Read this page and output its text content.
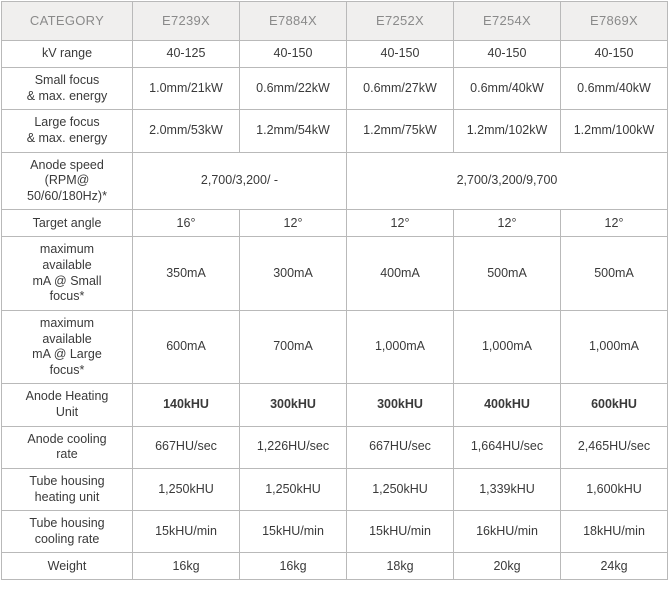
CATEGORY	E7239X	E7884X	E7252X	E7254X	E7869X
kV range	40-125	40-150	40-150	40-150	40-150

Small focus
& max. energy	1.0mm/21kW	0.6mm/22kW	0.6mm/27kW	0.6mm/40kW	0.6mm/40kW

Large focus
& max. energy	2.0mm/53kW	1.2mm/54kW	1.2mm/75kW	1.2mm/102kW	1.2mm/100kW

Anode speed
(RPM@
50/60/180Hz)*	2,700/3,200/ -		2,700/3,200/9,700		
Target angle	16°	12°	12°	12°	12°

maximum
available
mA @ Small
focus*	350mA	300mA	400mA	500mA	500mA

maximum
available
mA @ Large
focus*	600mA	700mA	1,000mA	1,000mA	1,000mA

Anode Heating
Unit	140kHU	300kHU	300kHU	400kHU	600kHU

Anode cooling
rate	667HU/sec	1,226HU/sec	667HU/sec	1,664HU/sec	2,465HU/sec

Tube housing
heating unit	1,250kHU	1,250kHU	1,250kHU	1,339kHU	1,600kHU

Tube housing
cooling rate	15kHU/min	15kHU/min	15kHU/min	16kHU/min	18kHU/min
Weight	16kg	16kg	18kg	20kg	24kg
